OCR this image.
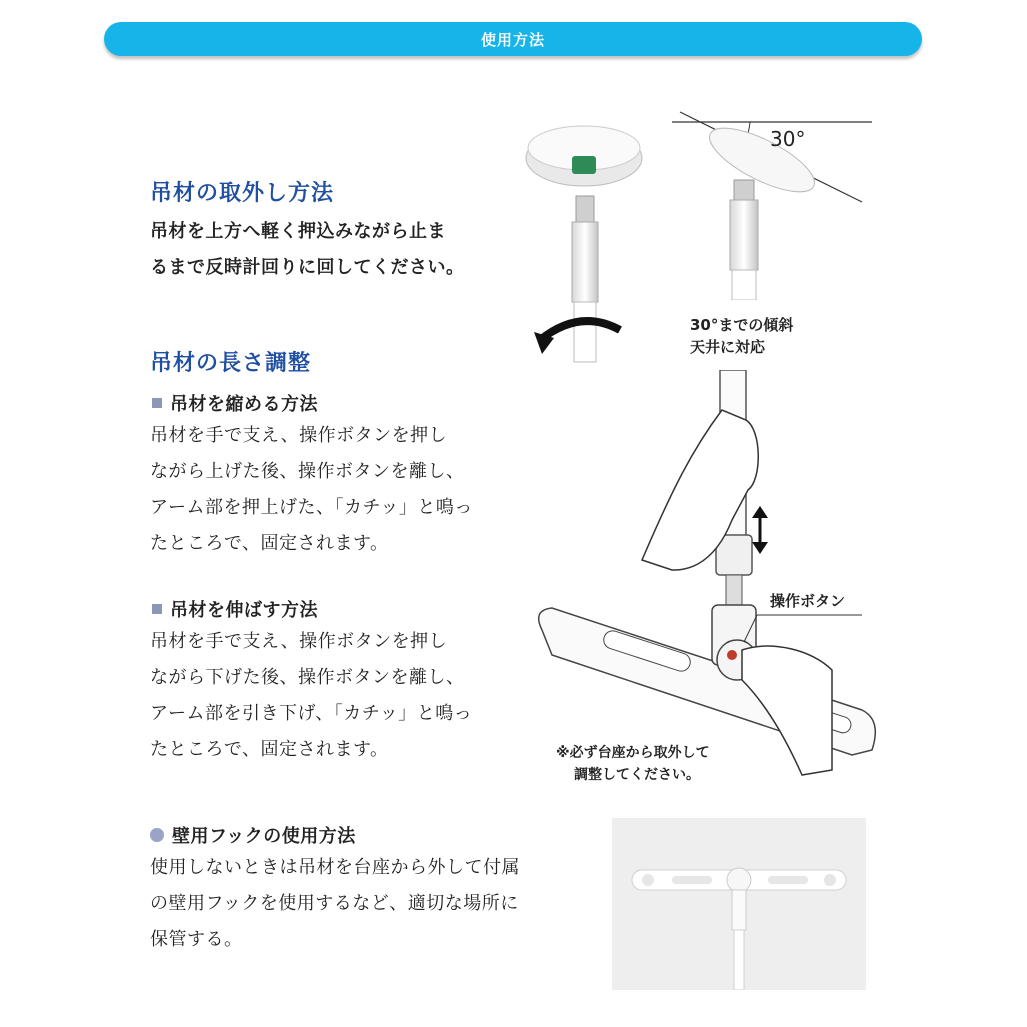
使用方法
吊材の取外し方法

吊材を上方へ軽く押込みながら止ま
るまで反時計回りに回してください。

30°

30°までの傾斜
天井に対応

吊材の長さ調整
吊材を縮める方法

吊材を手で支え、操作ボタンを押し
ながら上げた後、操作ボタンを離し、
アーム部を押上げた、「カチッ」と鳴っ
たところで、固定されます。

吊材を伸ばす方法

吊材を手で支え、操作ボタンを押し
ながら下げた後、操作ボタンを離し、
アーム部を引き下げ、「カチッ」と鳴っ
たところで、固定されます。

操作ボタン

※必ず台座から取外して
調整してください。

壁用フックの使用方法

使用しないときは吊材を台座から外して付属
の壁用フックを使用するなど、適切な場所に
保管する。
